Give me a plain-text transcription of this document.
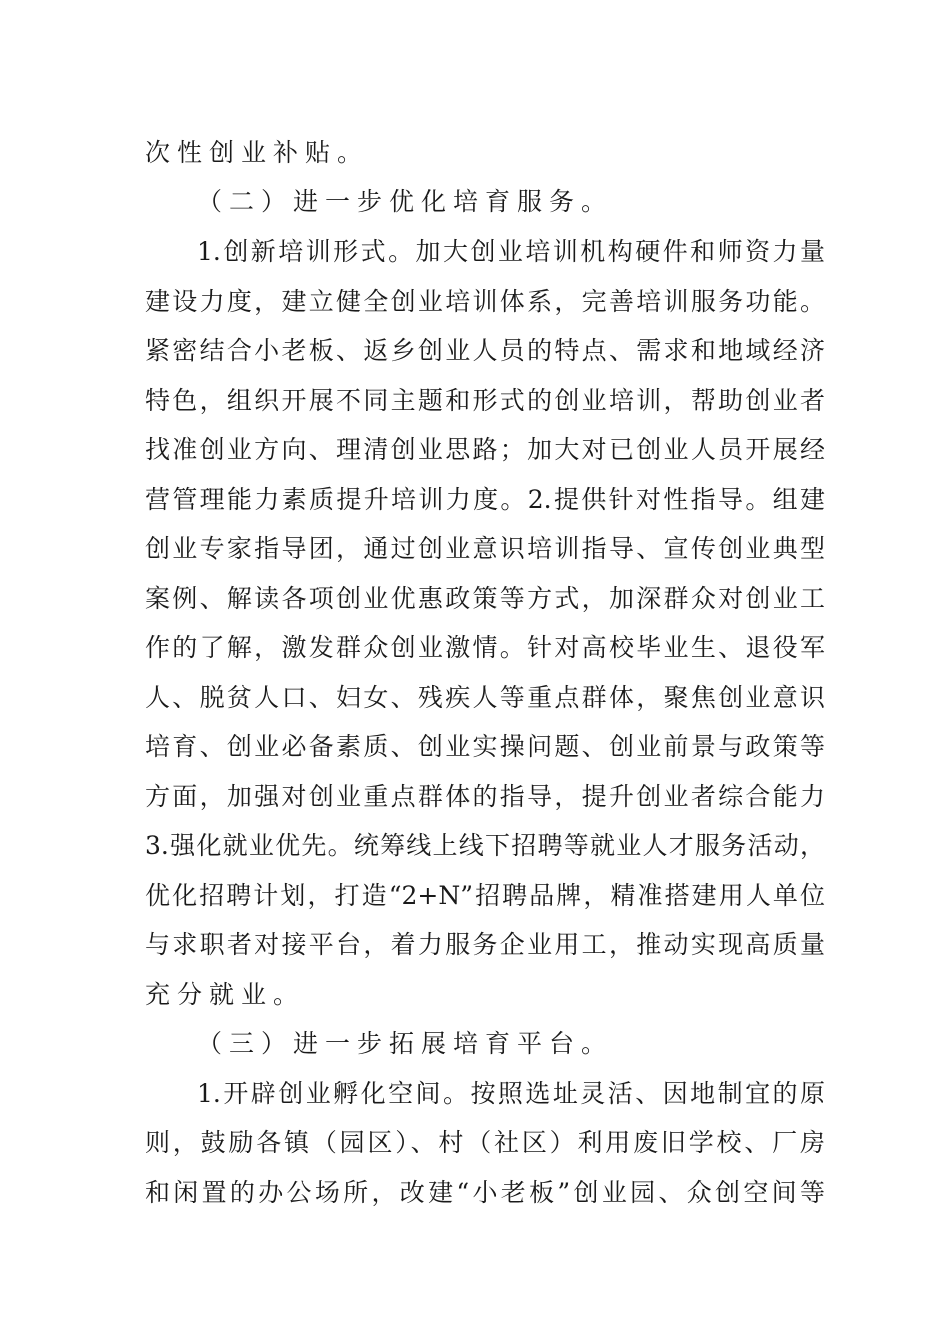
次性创业补贴。
（二）进一步优化培育服务。
1.创新培训形式。加大创业培训机构硬件和师资力量
建设力度，建立健全创业培训体系，完善培训服务功能。
紧密结合小老板、返乡创业人员的特点、需求和地域经济
特色，组织开展不同主题和形式的创业培训，帮助创业者
找准创业方向、理清创业思路；加大对已创业人员开展经
营管理能力素质提升培训力度。2.提供针对性指导。组建
创业专家指导团，通过创业意识培训指导、宣传创业典型
案例、解读各项创业优惠政策等方式，加深群众对创业工
作的了解，激发群众创业激情。针对高校毕业生、退役军
人、脱贫人口、妇女、残疾人等重点群体，聚焦创业意识
培育、创业必备素质、创业实操问题、创业前景与政策等
方面，加强对创业重点群体的指导，提升创业者综合能力
3.强化就业优先。统筹线上线下招聘等就业人才服务活动，
优化招聘计划，打造“2+N”招聘品牌，精准搭建用人单位
与求职者对接平台，着力服务企业用工，推动实现高质量
充分就业。
（三）进一步拓展培育平台。
1.开辟创业孵化空间。按照选址灵活、因地制宜的原
则，鼓励各镇（园区）、村（社区）利用废旧学校、厂房
和闲置的办公场所，改建“小老板”创业园、众创空间等
